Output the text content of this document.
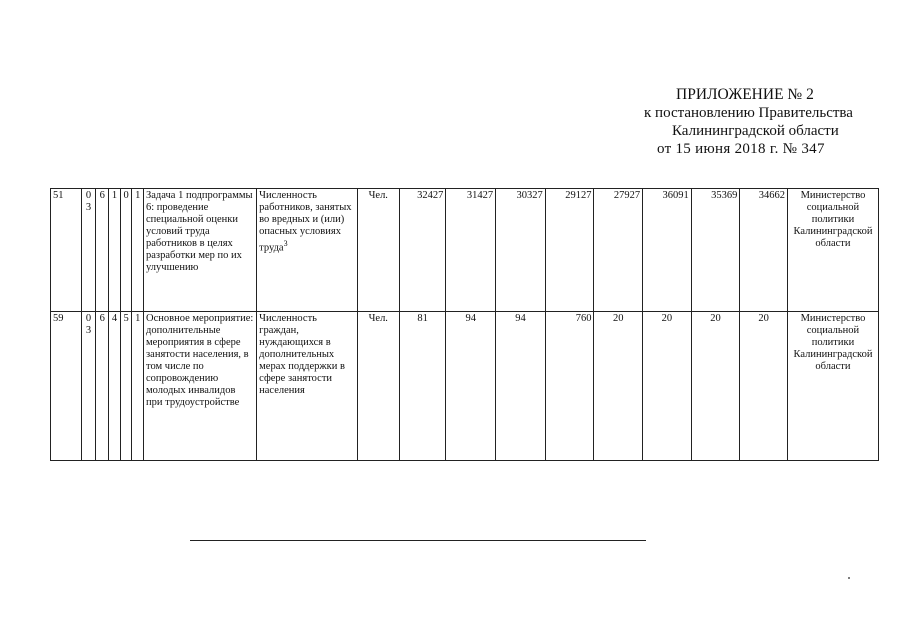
ПРИЛОЖЕНИЕ № 2
к постановлению Правительства
Калининградской области
от 15 июня 2018 г. № 347
51	03	6	1	0	1	Задача 1 подпрограммы 6: проведение специальной оценки условий труда работников в целях разработки мер по их улучшению	Численность работников, занятых во вредных и (или) опасных условиях труда$^3$	Чел.	32427	31427	30327	29127	27927	36091	35369	34662	Министерство социальной политики Калининградской области
59	03	6	4	5	1	Основное мероприятие: дополнительные мероприятия в сфере занятости населения, в том числе по сопровождению молодых инвалидов при трудоустройстве	Численность граждан, нуждающихся в дополнительных мерах поддержки в сфере занятости населения	Чел.	81	94	94	760	20	20	20	20	Министерство социальной политики Калининградской области
